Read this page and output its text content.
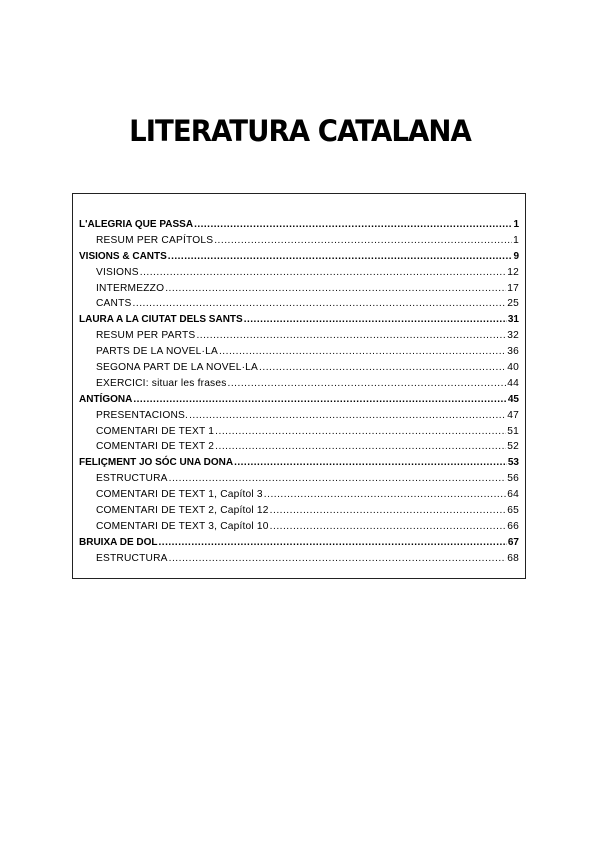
LITERATURA CATALANA
L'ALEGRIA QUE PASSA .....	1
RESUM PER CAPÍTOLS .....	1
VISIONS & CANTS .....	9
VISIONS .....	12
INTERMEZZO .....	17
CANTS .....	25
LAURA A LA CIUTAT DELS SANTS .....	31
RESUM PER PARTS .....	32
PARTS DE LA NOVEL·LA .....	36
SEGONA PART DE LA NOVEL·LA .....	40
EXERCICI: situar les frases .....	44
ANTÍGONA .....	45
PRESENTACIONS. .....	47
COMENTARI DE TEXT 1 .....	51
COMENTARI DE TEXT 2 .....	52
FELIÇMENT JO SÓC UNA DONA .....	53
ESTRUCTURA .....	56
COMENTARI DE TEXT 1, Capítol 3 .....	64
COMENTARI DE TEXT 2, Capítol 12 .....	65
COMENTARI DE TEXT 3, Capítol 10 .....	66
BRUIXA DE DOL .....	67
ESTRUCTURA .....	68
